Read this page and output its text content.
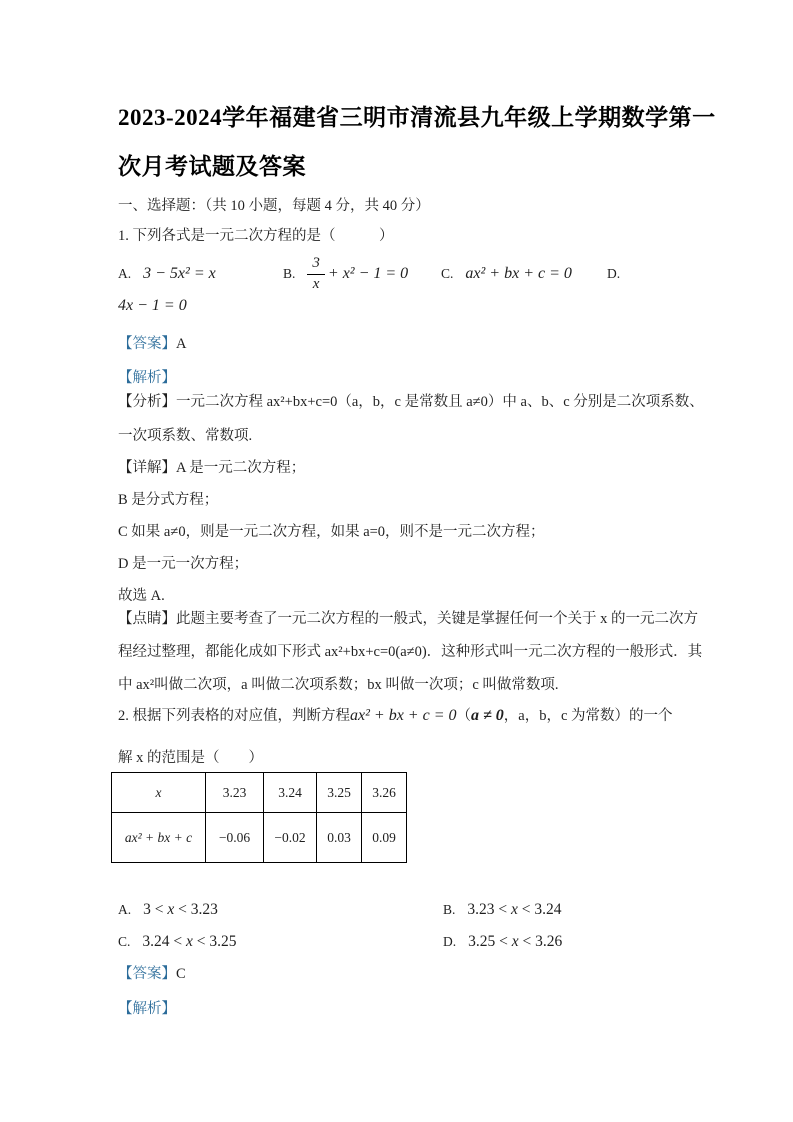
2023-2024学年福建省三明市清流县九年级上学期数学第一
次月考试题及答案
一、选择题：（共 10 小题，每题 4 分，共 40 分）
1. 下列各式是一元二次方程的是（　　　）
A. 3 − 5x² = x	B. $\frac{3}{x} + x^2 - 1 = 0$ C. ax² + bx + c = 0	D.
4x − 1 = 0
【答案】A
【解析】
【分析】一元二次方程 ax²+bx+c=0（a，b，c 是常数且 a≠0）中 a、b、c 分别是二次项系数、
一次项系数、常数项.
【详解】A 是一元二次方程；
B 是分式方程；
C 如果 a≠0，则是一元二次方程，如果 a=0，则不是一元二次方程；
D 是一元一次方程；
故选 A.
【点睛】此题主要考查了一元二次方程的一般式，关键是掌握任何一个关于 x 的一元二次方
程经过整理，都能化成如下形式 ax²+bx+c=0(a≠0)．这种形式叫一元二次方程的一般形式．其
中 ax²叫做二次项，a 叫做二次项系数；bx 叫做一次项；c 叫做常数项.
2. 根据下列表格的对应值，判断方程ax² + bx + c = 0（a ≠ 0，a，b，c 为常数）的一个
解 x 的范围是（　　）
x	3.23	3.24	3.25	3.26
ax² + bx + c	−0.06	−0.02	0.03	0.09
A. 3 < x < 3.23	B. 3.23 < x < 3.24
C. 3.24 < x < 3.25	D. 3.25 < x < 3.26
【答案】C
【解析】
